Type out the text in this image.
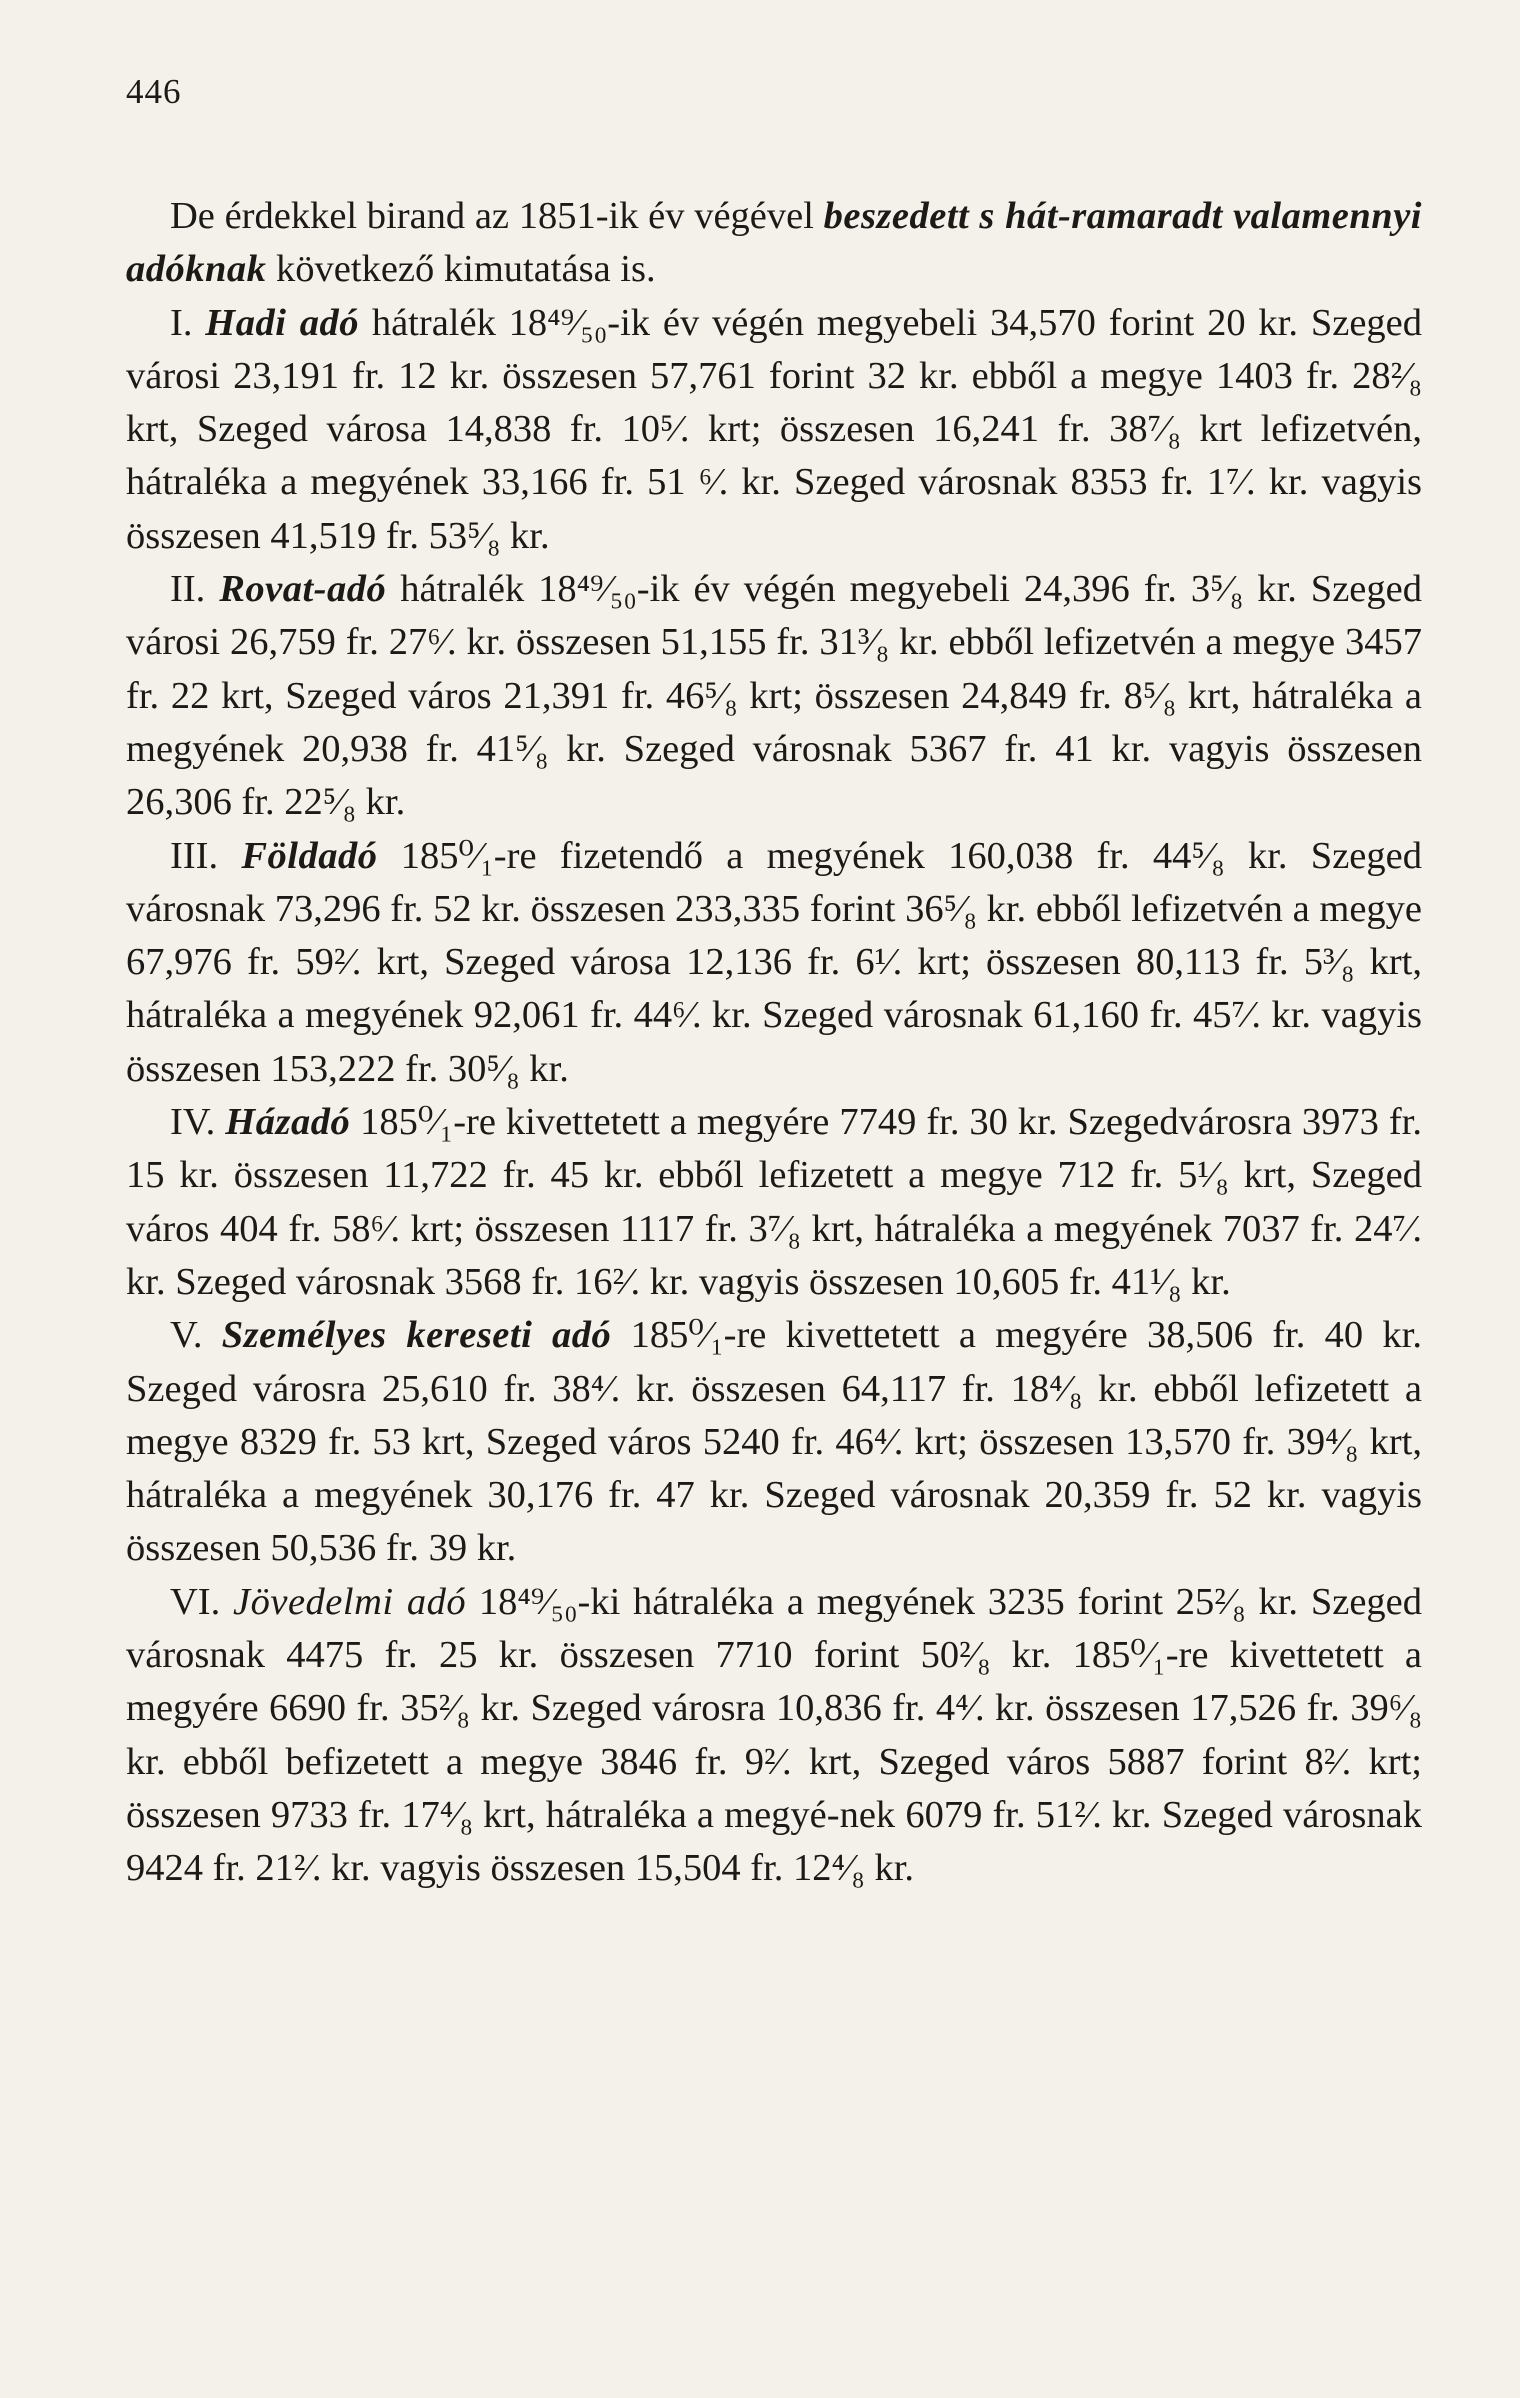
446

De érdekkel birand az 1851-ik év végével beszedett s hát-ramaradt valamennyi adóknak következő kimutatása is.

I. Hadi adó hátralék 18⁴⁹⁄₅₀-ik év végén megyebeli 34,570 forint 20 kr. Szeged városi 23,191 fr. 12 kr. összesen 57,761 forint 32 kr. ebből a megye 1403 fr. 28²⁄₈ krt, Szeged városa 14,838 fr. 10⁵⁄. krt; összesen 16,241 fr. 38⁷⁄₈ krt lefizetvén, hátraléka a megyének 33,166 fr. 51 ⁶⁄. kr. Szeged városnak 8353 fr. 1⁷⁄. kr. vagyis összesen 41,519 fr. 53⁵⁄₈ kr.

II. Rovat-adó hátralék 18⁴⁹⁄₅₀-ik év végén megyebeli 24,396 fr. 3⁵⁄₈ kr. Szeged városi 26,759 fr. 27⁶⁄. kr. összesen 51,155 fr. 31³⁄₈ kr. ebből lefizetvén a megye 3457 fr. 22 krt, Szeged város 21,391 fr. 46⁵⁄₈ krt; összesen 24,849 fr. 8⁵⁄₈ krt, hátraléka a megyének 20,938 fr. 41⁵⁄₈ kr. Szeged városnak 5367 fr. 41 kr. vagyis összesen 26,306 fr. 22⁵⁄₈ kr.

III. Földadó 185⁰⁄₁-re fizetendő a megyének 160,038 fr. 44⁵⁄₈ kr. Szeged városnak 73,296 fr. 52 kr. összesen 233,335 forint 36⁵⁄₈ kr. ebből lefizetvén a megye 67,976 fr. 59²⁄. krt, Szeged városa 12,136 fr. 6¹⁄. krt; összesen 80,113 fr. 5³⁄₈ krt, hátraléka a megyének 92,061 fr. 44⁶⁄. kr. Szeged városnak 61,160 fr. 45⁷⁄. kr. vagyis összesen 153,222 fr. 30⁵⁄₈ kr.

IV. Házadó 185⁰⁄₁-re kivettetett a megyére 7749 fr. 30 kr. Szegedvárosra 3973 fr. 15 kr. összesen 11,722 fr. 45 kr. ebből lefizetett a megye 712 fr. 5¹⁄₈ krt, Szeged város 404 fr. 58⁶⁄. krt; összesen 1117 fr. 3⁷⁄₈ krt, hátraléka a megyének 7037 fr. 24⁷⁄. kr. Szeged városnak 3568 fr. 16²⁄. kr. vagyis összesen 10,605 fr. 41¹⁄₈ kr.

V. Személyes kereseti adó 185⁰⁄₁-re kivettetett a megyére 38,506 fr. 40 kr. Szeged városra 25,610 fr. 38⁴⁄. kr. összesen 64,117 fr. 18⁴⁄₈ kr. ebből lefizetett a megye 8329 fr. 53 krt, Szeged város 5240 fr. 46⁴⁄. krt; összesen 13,570 fr. 39⁴⁄₈ krt, hátraléka a megyének 30,176 fr. 47 kr. Szeged városnak 20,359 fr. 52 kr. vagyis összesen 50,536 fr. 39 kr.

VI. Jövedelmi adó 18⁴⁹⁄₅₀-ki hátraléka a megyének 3235 forint 25²⁄₈ kr. Szeged városnak 4475 fr. 25 kr. összesen 7710 forint 50²⁄₈ kr. 185⁰⁄₁-re kivettetett a megyére 6690 fr. 35²⁄₈ kr. Szeged városra 10,836 fr. 4⁴⁄. kr. összesen 17,526 fr. 39⁶⁄₈ kr. ebből befizetett a megye 3846 fr. 9²⁄. krt, Szeged város 5887 forint 8²⁄. krt; összesen 9733 fr. 17⁴⁄₈ krt, hátraléka a megyé-nek 6079 fr. 51²⁄. kr. Szeged városnak 9424 fr. 21²⁄. kr. vagyis összesen 15,504 fr. 12⁴⁄₈ kr.
